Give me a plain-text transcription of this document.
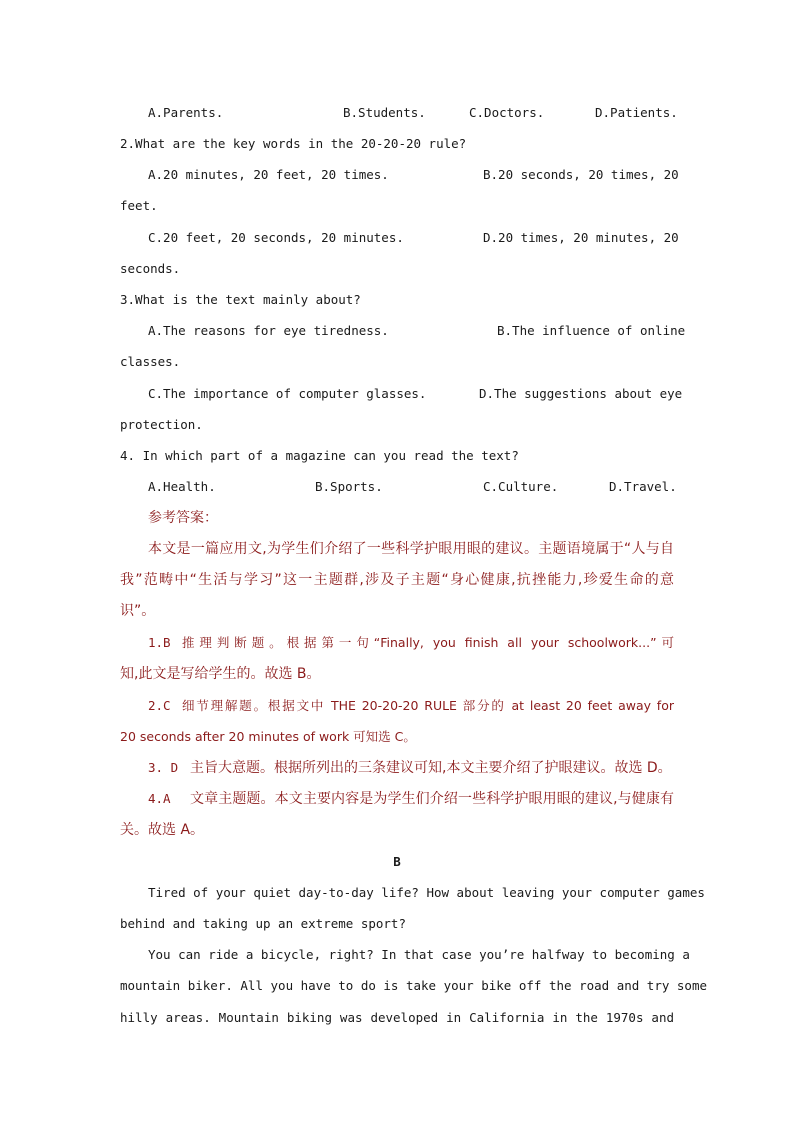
A.Parents.	B.Students.	C.Doctors.	D.Patients.
2.What are the key words in the 20-20-20 rule?
A.20 minutes, 20 feet, 20 times.	B.20 seconds, 20 times, 20
feet.
C.20 feet, 20 seconds, 20 minutes.	D.20 times, 20 minutes, 20
seconds.
3.What is the text mainly about?
A.The reasons for eye tiredness.	B.The influence of online
classes.
C.The importance of computer glasses.	D.The suggestions about eye
protection.
4. In which part of a magazine can you read the text?
A.Health.	B.Sports.	C.Culture.	D.Travel.
参考答案：
本文是一篇应用文,为学生们介绍了一些科学护眼用眼的建议。主题语境属于“人与自
我”范畴中“生活与学习”这一主题群,涉及子主题“身心健康,抗挫能力,珍爱生命的意
识”。
1.B 推理判断题。根据第一句“Finally, you finish all your schoolwork...”可
知,此文是写给学生的。故选 B。
2.C 细节理解题。根据文中 THE 20-20-20 RULE 部分的 at least 20 feet away for
20 seconds after 20 minutes of work 可知选 C。
3. D 主旨大意题。根据所列出的三条建议可知,本文主要介绍了护眼建议。故选 D。
4.A 文章主题题。本文主要内容是为学生们介绍一些科学护眼用眼的建议,与健康有
关。故选 A。
B
Tired of your quiet day-to-day life? How about leaving your computer games
behind and taking up an extreme sport?
You can ride a bicycle, right? In that case you’re halfway to becoming a
mountain biker. All you have to do is take your bike off the road and try some
hilly areas. Mountain biking was developed in California in the 1970s and
